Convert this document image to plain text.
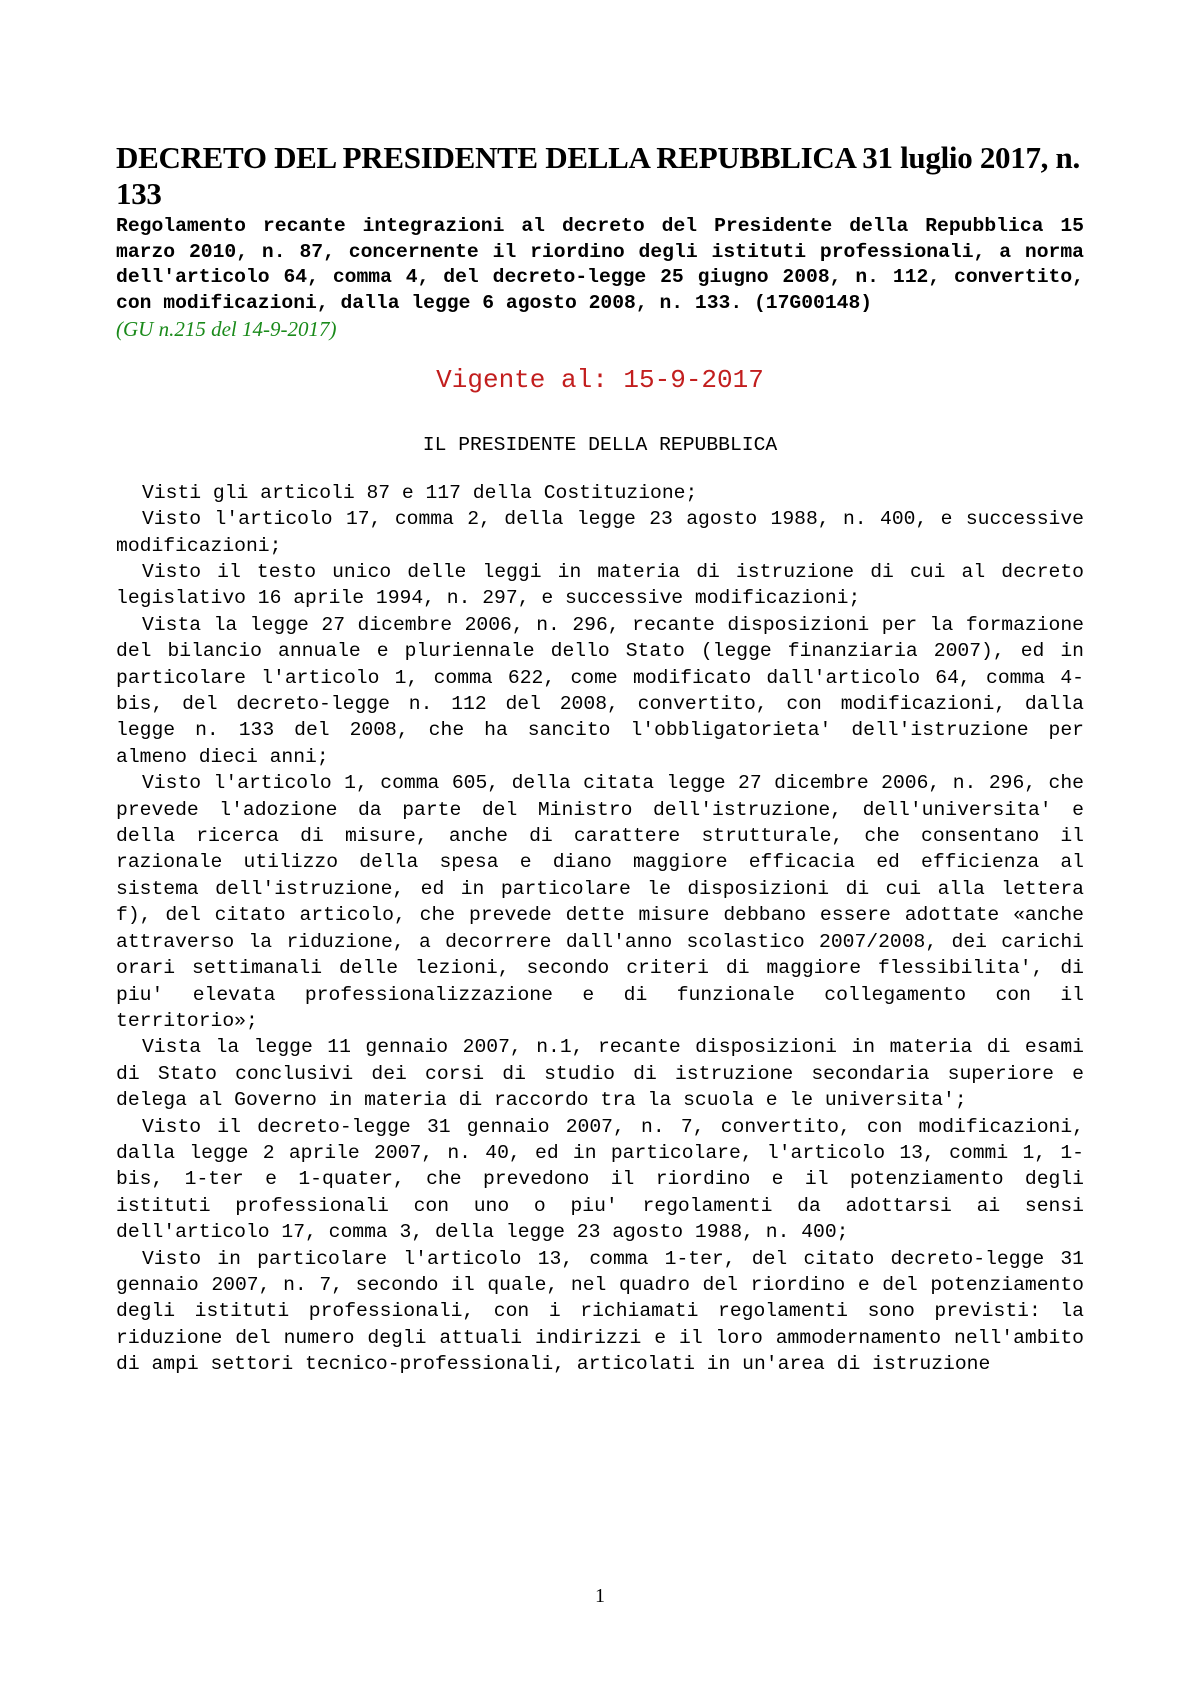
DECRETO DEL PRESIDENTE DELLA REPUBBLICA 31 luglio 2017, n. 133

Regolamento recante integrazioni al decreto del Presidente della Repubblica 15 marzo 2010, n. 87, concernente il riordino degli istituti professionali, a norma dell'articolo 64, comma 4, del decreto-legge 25 giugno 2008, n. 112, convertito, con modificazioni, dalla legge 6 agosto 2008, n. 133. (17G00148)

(GU n.215 del 14-9-2017)

Vigente al: 15-9-2017

IL PRESIDENTE DELLA REPUBBLICA

Visti gli articoli 87 e 117 della Costituzione;

Visto l'articolo 17, comma 2, della legge 23 agosto 1988, n. 400, e successive modificazioni;

Visto il testo unico delle leggi in materia di istruzione di cui al decreto legislativo 16 aprile 1994, n. 297, e successive modificazioni;

Vista la legge 27 dicembre 2006, n. 296, recante disposizioni per la formazione del bilancio annuale e pluriennale dello Stato (legge finanziaria 2007), ed in particolare l'articolo 1, comma 622, come modificato dall'articolo 64, comma 4-bis, del decreto-legge n. 112 del 2008, convertito, con modificazioni, dalla legge n. 133 del 2008, che ha sancito l'obbligatorieta' dell'istruzione per almeno dieci anni;

Visto l'articolo 1, comma 605, della citata legge 27 dicembre 2006, n. 296, che prevede l'adozione da parte del Ministro dell'istruzione, dell'universita' e della ricerca di misure, anche di carattere strutturale, che consentano il razionale utilizzo della spesa e diano maggiore efficacia ed efficienza al sistema dell'istruzione, ed in particolare le disposizioni di cui alla lettera f), del citato articolo, che prevede dette misure debbano essere adottate «anche attraverso la riduzione, a decorrere dall'anno scolastico 2007/2008, dei carichi orari settimanali delle lezioni, secondo criteri di maggiore flessibilita', di piu' elevata professionalizzazione e di funzionale collegamento con il territorio»;

Vista la legge 11 gennaio 2007, n.1, recante disposizioni in materia di esami di Stato conclusivi dei corsi di studio di istruzione secondaria superiore e delega al Governo in materia di raccordo tra la scuola e le universita';

Visto il decreto-legge 31 gennaio 2007, n. 7, convertito, con modificazioni, dalla legge 2 aprile 2007, n. 40, ed in particolare, l'articolo 13, commi 1, 1-bis, 1-ter e 1-quater, che prevedono il riordino e il potenziamento degli istituti professionali con uno o piu' regolamenti da adottarsi ai sensi dell'articolo 17, comma 3, della legge 23 agosto 1988, n. 400;

Visto in particolare l'articolo 13, comma 1-ter, del citato decreto-legge 31 gennaio 2007, n. 7, secondo il quale, nel quadro del riordino e del potenziamento degli istituti professionali, con i richiamati regolamenti sono previsti: la riduzione del numero degli attuali indirizzi e il loro ammodernamento nell'ambito di ampi settori tecnico-professionali, articolati in un'area di istruzione

1
